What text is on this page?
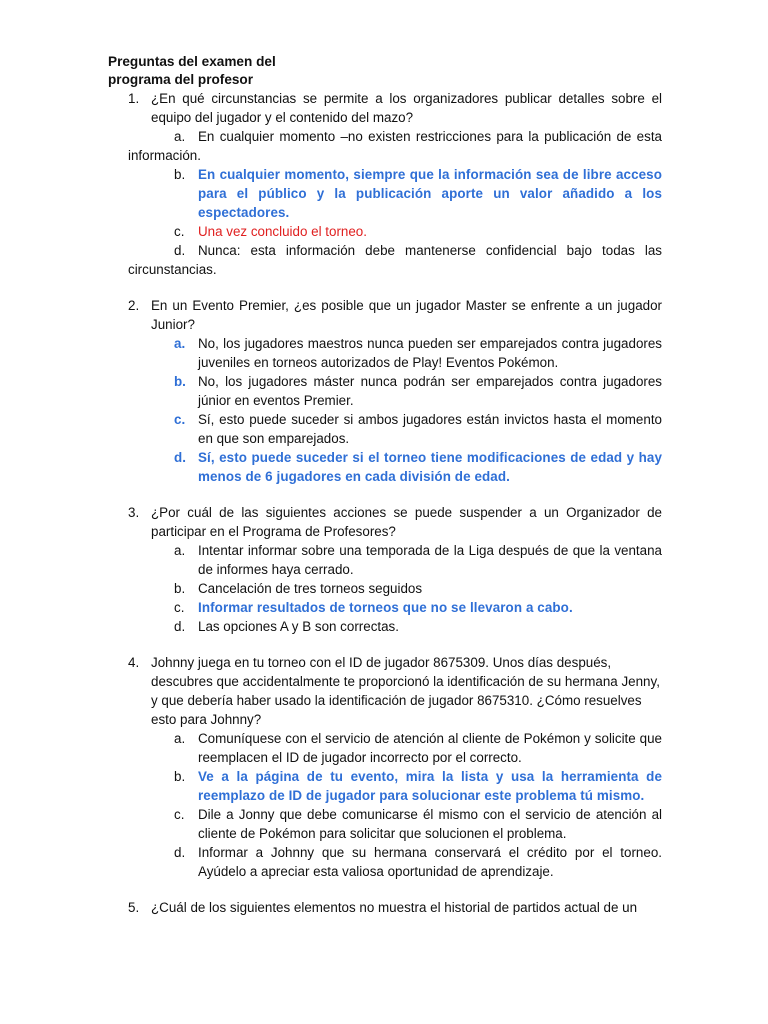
Preguntas del examen del
programa del profesor
1. ¿En qué circunstancias se permite a los organizadores publicar detalles sobre el equipo del jugador y el contenido del mazo?
a. En cualquier momento –no existen restricciones para la publicación de esta información.
b. En cualquier momento, siempre que la información sea de libre acceso para el público y la publicación aporte un valor añadido a los espectadores.
c.	Una vez concluido el torneo.
d. Nunca: esta información debe mantenerse confidencial bajo todas las circunstancias.
2. En un Evento Premier, ¿es posible que un jugador Master se enfrente a un jugador Junior?
a. No, los jugadores maestros nunca pueden ser emparejados contra jugadores juveniles en torneos autorizados de Play! Eventos Pokémon.
b. No, los jugadores máster nunca podrán ser emparejados contra jugadores júnior en eventos Premier.
c. Sí, esto puede suceder si ambos jugadores están invictos hasta el momento en que son emparejados.
d. Sí, esto puede suceder si el torneo tiene modificaciones de edad y hay menos de 6 jugadores en cada división de edad.
3. ¿Por cuál de las siguientes acciones se puede suspender a un Organizador de participar en el Programa de Profesores?
a. Intentar informar sobre una temporada de la Liga después de que la ventana de informes haya cerrado.
b. Cancelación de tres torneos seguidos
c.	Informar resultados de torneos que no se llevaron a cabo.
d. Las opciones A y B son correctas.
4. Johnny juega en tu torneo con el ID de jugador 8675309. Unos días después, descubres que accidentalmente te proporcionó la identificación de su hermana Jenny, y que debería haber usado la identificación de jugador 8675310. ¿Cómo resuelves esto para Johnny?
a. Comuníquese con el servicio de atención al cliente de Pokémon y solicite que reemplacen el ID de jugador incorrecto por el correcto.
b. Ve a la página de tu evento, mira la lista y usa la herramienta de reemplazo de ID de jugador para solucionar este problema tú mismo.
c.	Dile a Jonny que debe comunicarse él mismo con el servicio de atención al cliente de Pokémon para solicitar que solucionen el problema.
d. Informar a Johnny que su hermana conservará el crédito por el torneo. Ayúdelo a apreciar esta valiosa oportunidad de aprendizaje.
5. ¿Cuál de los siguientes elementos no muestra el historial de partidos actual de un
